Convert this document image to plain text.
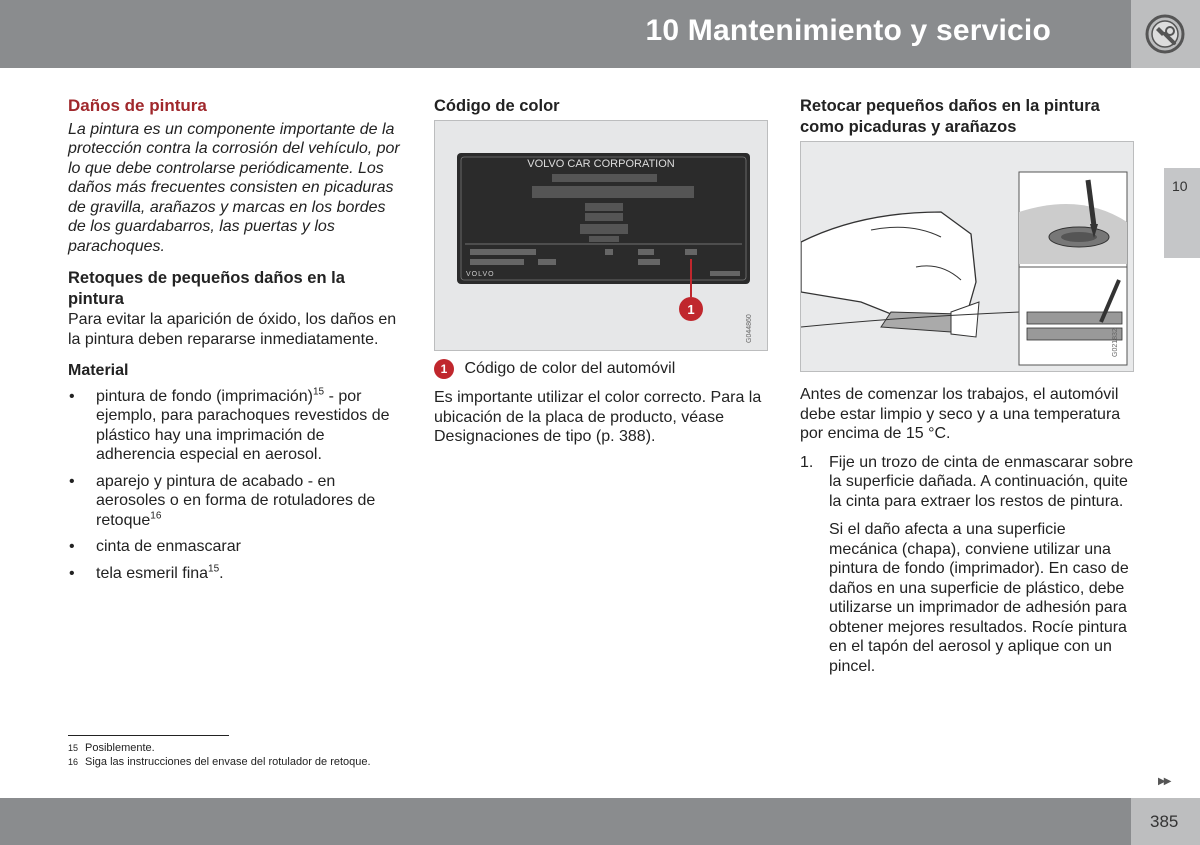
10 Mantenimiento y servicio
10
Daños de pintura

La pintura es un componente importante de la protección contra la corrosión del vehículo, por lo que debe controlarse periódicamente. Los daños más frecuentes consisten en picaduras de gravilla, arañazos y marcas en los bordes de los guardabarros, las puertas y los parachoques.

Retoques de pequeños daños en la pintura

Para evitar la aparición de óxido, los daños en la pintura deben repararse inmediatamente.

Material
• pintura de fondo (imprimación)$^{15}$ - por ejemplo, para parachoques revestidos de plástico hay una imprimación de adherencia especial en aerosol.
• aparejo y pintura de acabado - en aerosoles o en forma de rotuladores de retoque$^{16}$
• cinta de enmascarar
• tela esmeril fina$^{15}$.
Código de color
VOLVO CAR CORPORATION
VOLVO
1
G044860
1 Código de color del automóvil

Es importante utilizar el color correcto. Para la ubicación de la placa de producto, véase Designaciones de tipo (p. 388).

Retocar pequeños daños en la pintura como picaduras y arañazos
G021832

Antes de comenzar los trabajos, el automóvil debe estar limpio y seco y a una temperatura por encima de 15 °C.

1. Fije un trozo de cinta de enmascarar sobre la superficie dañada. A continuación, quite la cinta para extraer los restos de pintura.

Si el daño afecta a una superficie mecánica (chapa), conviene utilizar una pintura de fondo (imprimador). En caso de daños en una superficie de plástico, debe utilizarse un imprimador de adhesión para obtener mejores resultados. Rocíe pintura en el tapón del aerosol y aplique con un pincel.

15 Posiblemente.
16 Siga las instrucciones del envase del rotulador de retoque.
▶▶
385
